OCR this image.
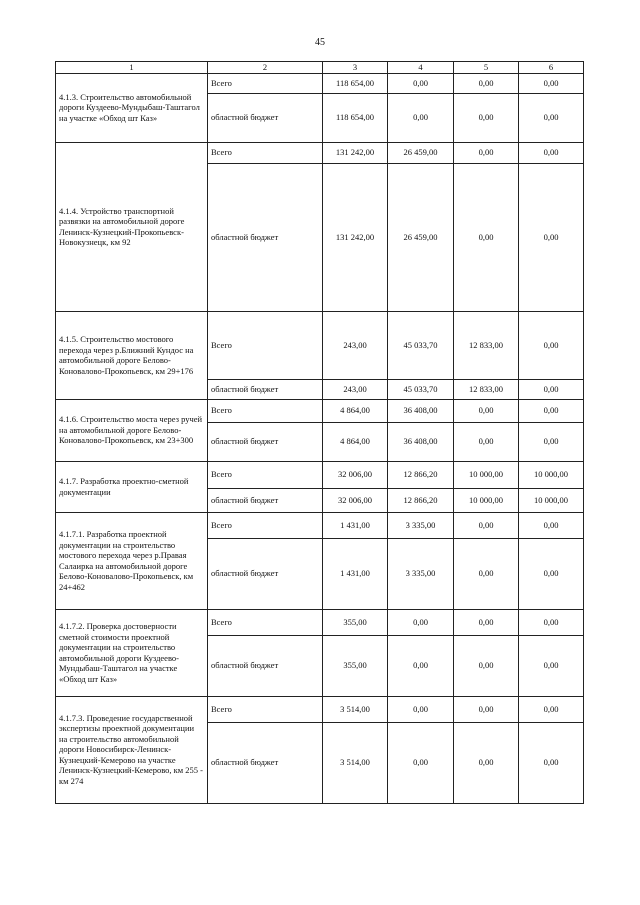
45
1	2	3	4	5	6
4.1.3. Строительство автомобильной дороги Куздеево-Мундыбаш-Таштагол на участке «Обход шт Каз»	Всего	118 654,00	0,00	0,00	0,00
	областной бюджет	118 654,00	0,00	0,00	0,00
4.1.4. Устройство транспортной развязки на автомобильной дороге Ленинск-Кузнецкий-Прокопьевск-Новокузнецк, км 92	Всего	131 242,00	26 459,00	0,00	0,00
	областной бюджет	131 242,00	26 459,00	0,00	0,00
4.1.5. Строительство мостового перехода через р.Ближний Кундос на автомобильной дороге Белово-Коновалово-Прокопьевск, км 29+176	Всего	243,00	45 033,70	12 833,00	0,00
	областной бюджет	243,00	45 033,70	12 833,00	0,00
4.1.6. Строительство моста через ручей на автомобильной дороге Белово-Коновалово-Прокопьевск, км 23+300	Всего	4 864,00	36 408,00	0,00	0,00
	областной бюджет	4 864,00	36 408,00	0,00	0,00
4.1.7. Разработка проектно-сметной документации	Всего	32 006,00	12 866,20	10 000,00	10 000,00
	областной бюджет	32 006,00	12 866,20	10 000,00	10 000,00
4.1.7.1. Разработка проектной документации на строительство мостового перехода через р.Правая Салаирка на автомобильной дороге Белово-Коновалово-Прокопьевск, км 24+462	Всего	1 431,00	3 335,00	0,00	0,00
	областной бюджет	1 431,00	3 335,00	0,00	0,00
4.1.7.2. Проверка достоверности сметной стоимости проектной документации на строительство автомобильной дороги Куздеево-Мундыбаш-Таштагол на участке «Обход шт Каз»	Всего	355,00	0,00	0,00	0,00
	областной бюджет	355,00	0,00	0,00	0,00
4.1.7.3. Проведение государственной экспертизы проектной документации на строительство автомобильной дороги Новосибирск-Ленинск-Кузнецкий-Кемерово на участке Ленинск-Кузнецкий-Кемерово, км 255 - км 274	Всего	3 514,00	0,00	0,00	0,00
	областной бюджет	3 514,00	0,00	0,00	0,00
